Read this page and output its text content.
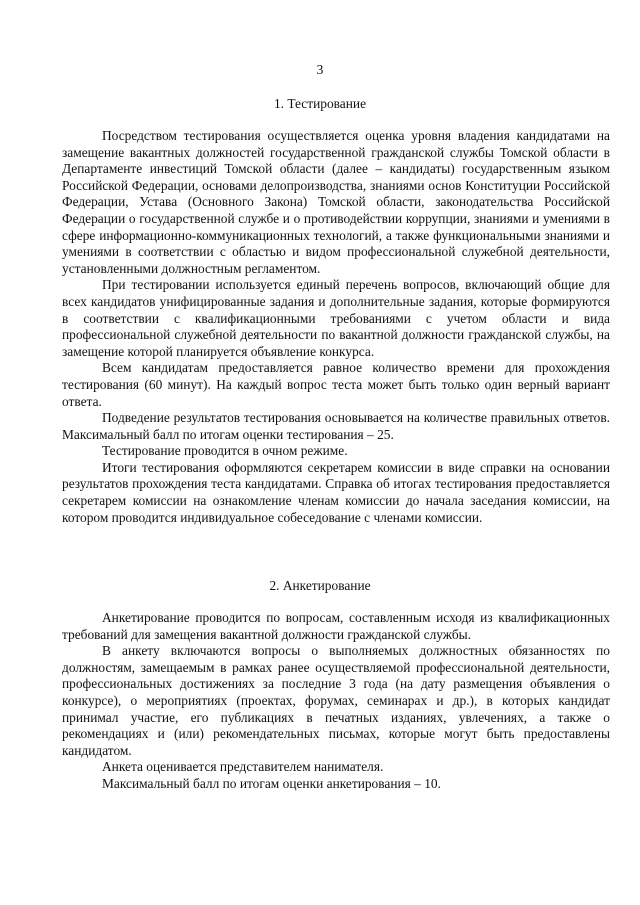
3
1. Тестирование

Посредством тестирования осуществляется оценка уровня владения кандидатами на замещение вакантных должностей государственной гражданской службы Томской области в Департаменте инвестиций Томской области (далее – кандидаты) государственным языком Российской Федерации, основами делопроизводства, знаниями основ Конституции Российской Федерации, Устава (Основного Закона) Томской области, законодательства Российской Федерации о государственной службе и о противодействии коррупции, знаниями и умениями в сфере информационно-коммуникационных технологий, а также функциональными знаниями и умениями в соответствии с областью и видом профессиональной служебной деятельности, установленными должностным регламентом.

При тестировании используется единый перечень вопросов, включающий общие для всех кандидатов унифицированные задания и дополнительные задания, которые формируются в соответствии с квалификационными требованиями с учетом области и вида профессиональной служебной деятельности по вакантной должности гражданской службы, на замещение которой планируется объявление конкурса.

Всем кандидатам предоставляется равное количество времени для прохождения тестирования (60 минут). На каждый вопрос теста может быть только один верный вариант ответа.

Подведение результатов тестирования основывается на количестве правильных ответов. Максимальный балл по итогам оценки тестирования – 25.

Тестирование проводится в очном режиме.

Итоги тестирования оформляются секретарем комиссии в виде справки на основании результатов прохождения теста кандидатами. Справка об итогах тестирования предоставляется секретарем комиссии на ознакомление членам комиссии до начала заседания комиссии, на котором проводится индивидуальное собеседование с членами комиссии.

2. Анкетирование

Анкетирование проводится по вопросам, составленным исходя из квалификационных требований для замещения вакантной должности гражданской службы.

В анкету включаются вопросы о выполняемых должностных обязанностях по должностям, замещаемым в рамках ранее осуществляемой профессиональной деятельности, профессиональных достижениях за последние 3 года (на дату размещения объявления о конкурсе), о мероприятиях (проектах, форумах, семинарах и др.), в которых кандидат принимал участие, его публикациях в печатных изданиях, увлечениях, а также о рекомендациях и (или) рекомендательных письмах, которые могут быть предоставлены кандидатом.

Анкета оценивается представителем нанимателя.

Максимальный балл по итогам оценки анкетирования – 10.
